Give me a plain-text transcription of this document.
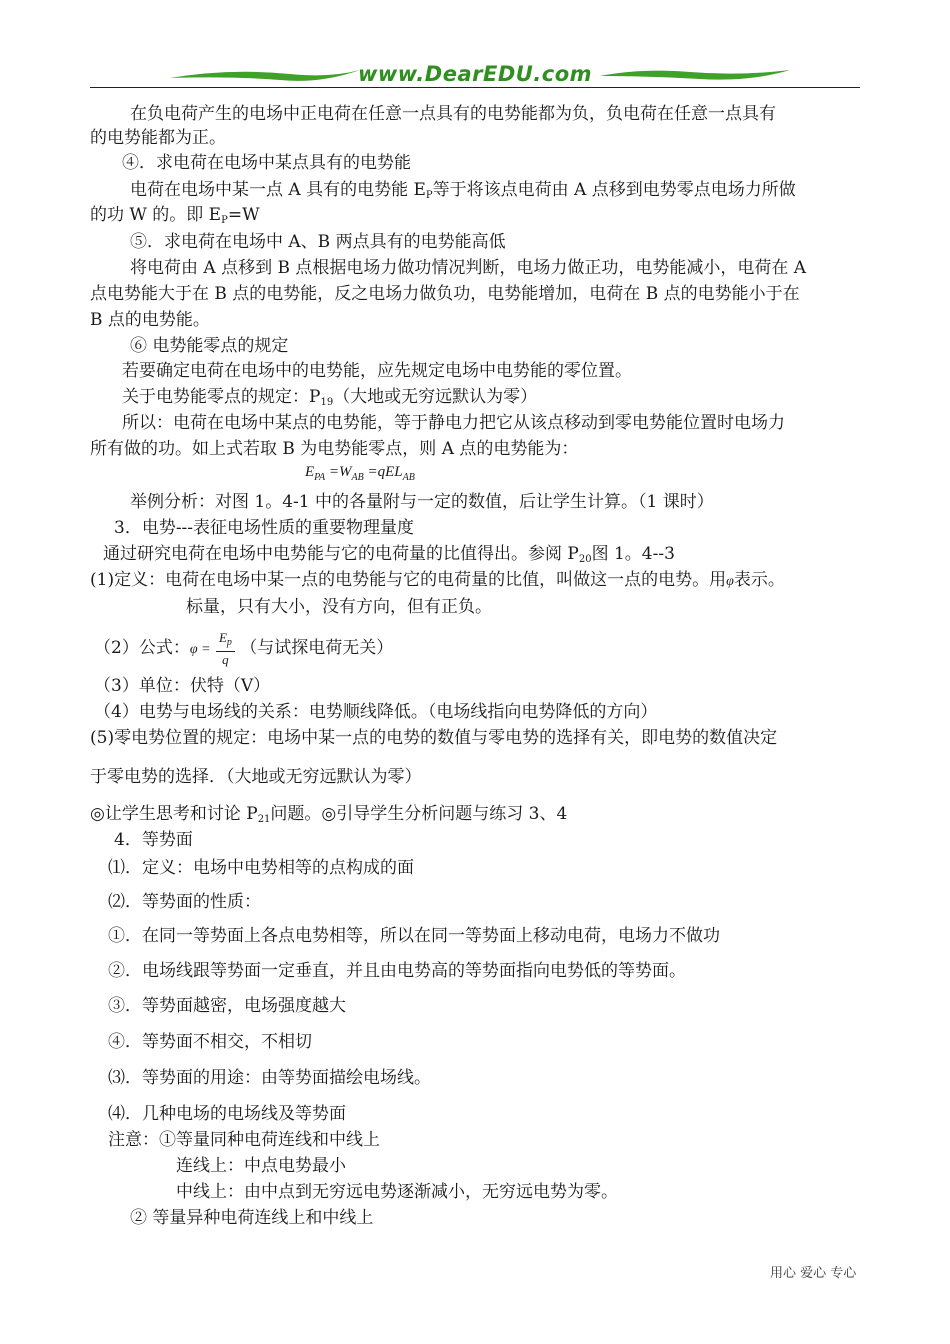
www.DearEDU.com
在负电荷产生的电场中正电荷在任意一点具有的电势能都为负，负电荷在任意一点具有
的电势能都为正。
④．求电荷在电场中某点具有的电势能
电荷在电场中某一点 A 具有的电势能 $E_P$等于将该点电荷由 A 点移到电势零点电场力所做
的功 W 的。即 $E_P=W$
⑤．求电荷在电场中 A、B 两点具有的电势能高低
将电荷由 A 点移到 B 点根据电场力做功情况判断，电场力做正功，电势能减小，电荷在 A
点电势能大于在 B 点的电势能，反之电场力做负功，电势能增加，电荷在 B 点的电势能小于在
B 点的电势能。
⑥ 电势能零点的规定
若要确定电荷在电场中的电势能，应先规定电场中电势能的零位置。
关于电势能零点的规定：$P_{19}$（大地或无穷远默认为零）
所以：电荷在电场中某点的电势能，等于静电力把它从该点移动到零电势能位置时电场力
所有做的功。如上式若取 B 为电势能零点，则 A 点的电势能为：
$E_{PA} =W_{AB} =qEL_{AB}$
举例分析：对图 1。4-1 中的各量附与一定的数值，后让学生计算。（1 课时）
3．电势---表征电场性质的重要物理量度
通过研究电荷在电场中电势能与它的电荷量的比值得出。参阅 $P_{20}$图 1。4--3
(1)定义：电荷在电场中某一点的电势能与它的电荷量的比值，叫做这一点的电势。用φ表示。
标量，只有大小，没有方向，但有正负。
（2）公式：$\varphi = \frac{E_p}{q}$ （与试探电荷无关）
（3）单位：伏特（V）
（4）电势与电场线的关系：电势顺线降低。（电场线指向电势降低的方向）
(5)零电势位置的规定：电场中某一点的电势的数值与零电势的选择有关，即电势的数值决定
于零电势的选择．（大地或无穷远默认为零）
◎让学生思考和讨论 $P_{21}$问题。◎引导学生分析问题与练习 3、4
4．等势面
⑴．定义：电场中电势相等的点构成的面
⑵．等势面的性质：
①．在同一等势面上各点电势相等，所以在同一等势面上移动电荷，电场力不做功
②．电场线跟等势面一定垂直，并且由电势高的等势面指向电势低的等势面。
③．等势面越密，电场强度越大
④．等势面不相交，不相切
⑶．等势面的用途：由等势面描绘电场线。
⑷．几种电场的电场线及等势面
注意：①等量同种电荷连线和中线上
连线上：中点电势最小
中线上：由中点到无穷远电势逐渐减小，无穷远电势为零。
② 等量异种电荷连线上和中线上
用心 爱心 专心
